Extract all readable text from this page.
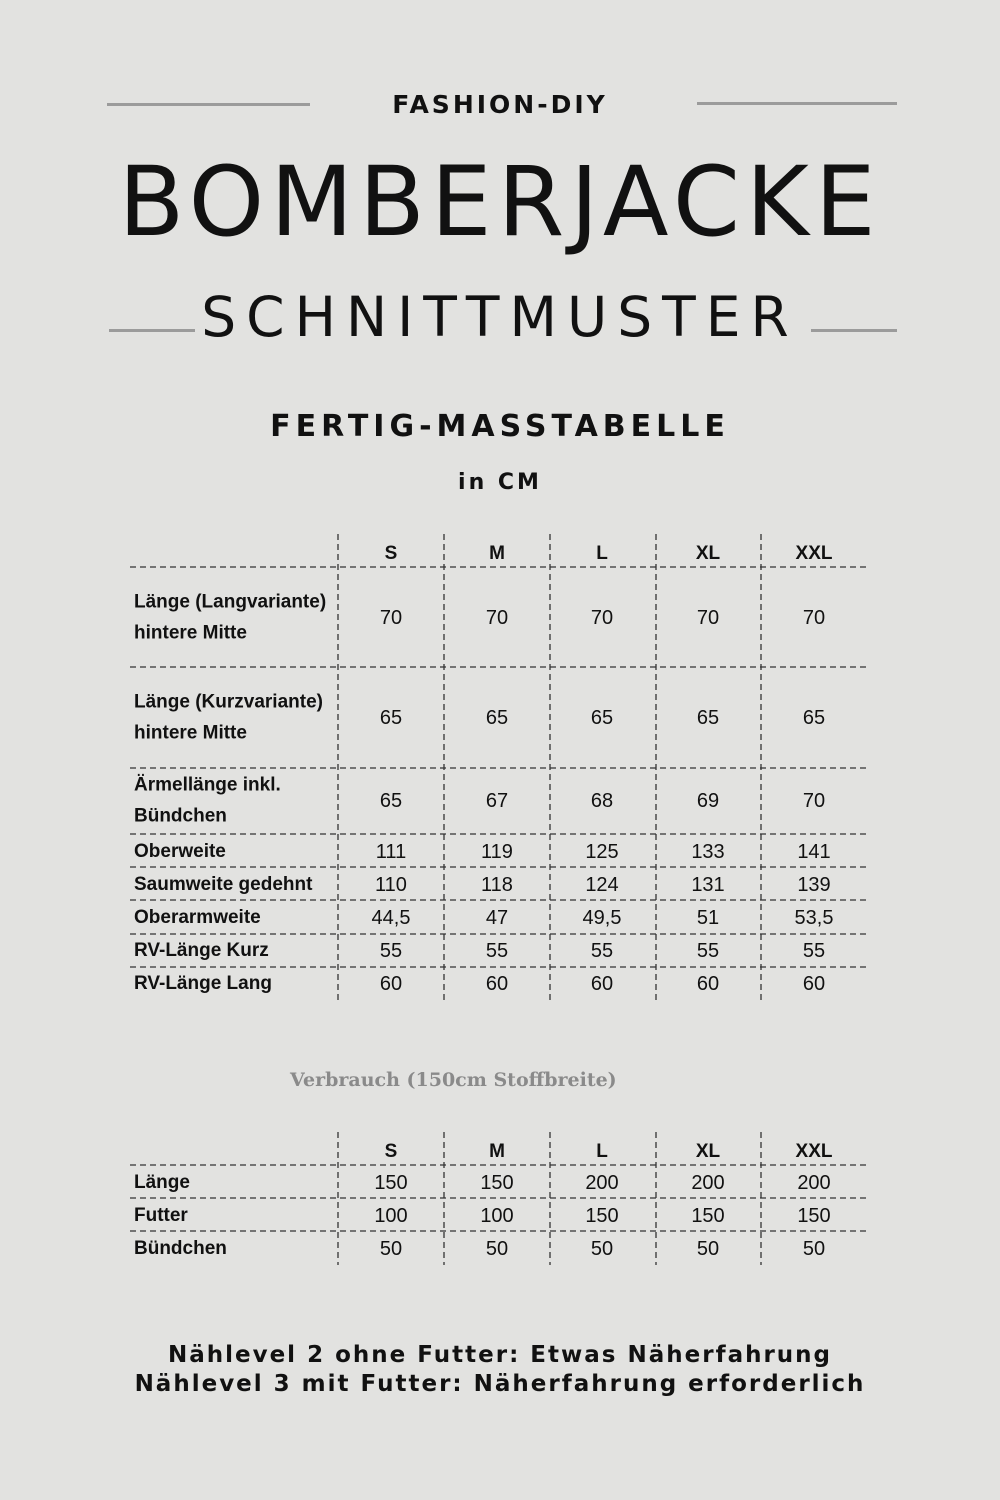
FASHION-DIY
BOMBERJACKE
SCHNITTMUSTER
FERTIG-MASSTABELLE
in CM
S	M	L	XL	XXL
Länge (Langvariante)
hintere Mitte
70	70	70	70	70
Länge (Kurzvariante)
hintere Mitte
65	65	65	65	65
Ärmellänge inkl.
Bündchen
65	67	68	69	70
Oberweite	111	119	125	133	141
Saumweite gedehnt	110	118	124	131	139
Oberarmweite	44,5	47	49,5	51	53,5
RV-Länge Kurz	55	55	55	55	55
RV-Länge Lang	60	60	60	60	60
Verbrauch (150cm Stoffbreite)
S	M	L	XL	XXL
Länge	150	150	200	200	200
Futter	100	100	150	150	150
Bündchen	50	50	50	50	50
Nählevel 2 ohne Futter: Etwas Näherfahrung
Nählevel 3 mit Futter: Näherfahrung erforderlich
